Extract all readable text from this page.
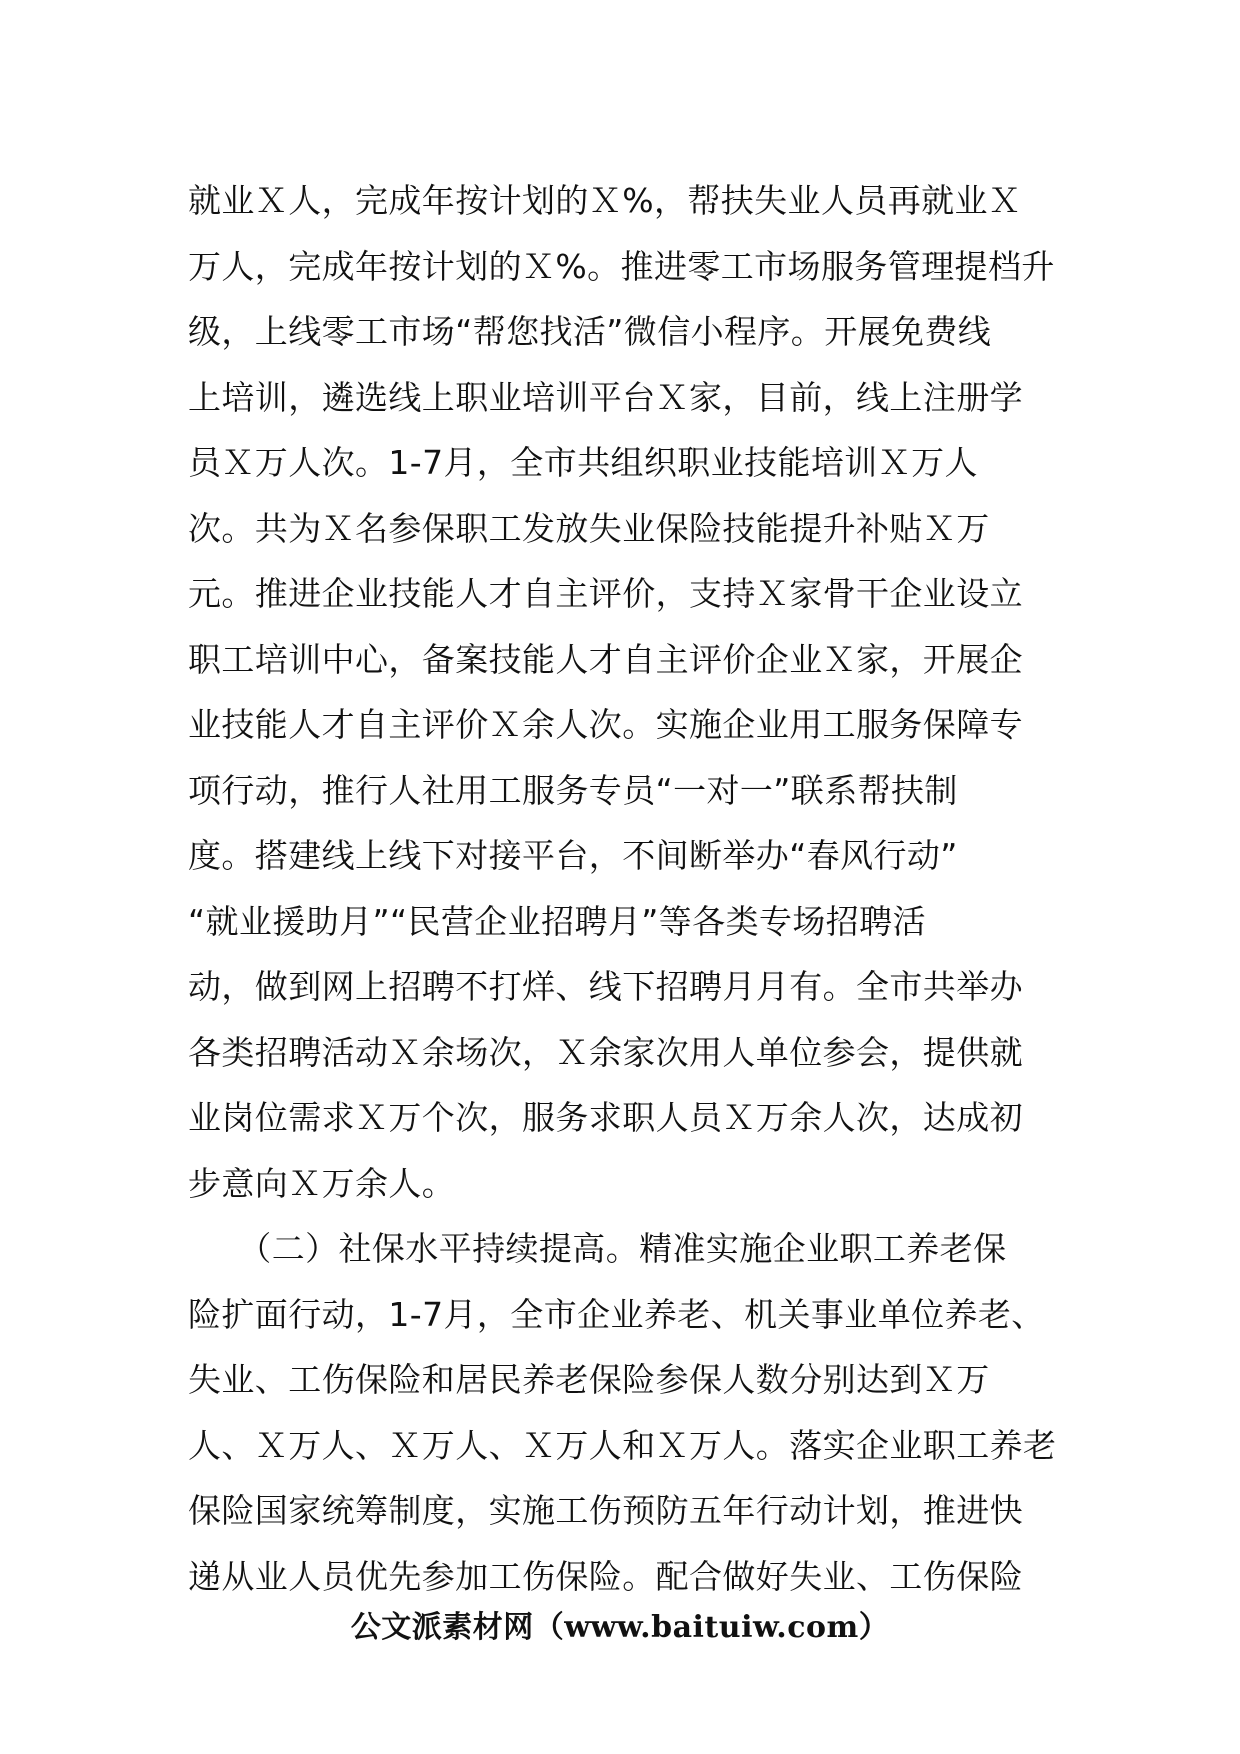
就业Ｘ人，完成年按计划的Ｘ%，帮扶失业人员再就业Ｘ
万人，完成年按计划的Ｘ%。推进零工市场服务管理提档升
级，上线零工市场“帮您找活”微信小程序。开展免费线
上培训，遴选线上职业培训平台Ｘ家，目前，线上注册学
员Ｘ万人次。1-7月，全市共组织职业技能培训Ｘ万人
次。共为Ｘ名参保职工发放失业保险技能提升补贴Ｘ万
元。推进企业技能人才自主评价，支持Ｘ家骨干企业设立
职工培训中心，备案技能人才自主评价企业Ｘ家，开展企
业技能人才自主评价Ｘ余人次。实施企业用工服务保障专
项行动，推行人社用工服务专员“一对一”联系帮扶制
度。搭建线上线下对接平台，不间断举办“春风行动”
“就业援助月”“民营企业招聘月”等各类专场招聘活
动，做到网上招聘不打烊、线下招聘月月有。全市共举办
各类招聘活动Ｘ余场次，Ｘ余家次用人单位参会，提供就
业岗位需求Ｘ万个次，服务求职人员Ｘ万余人次，达成初
步意向Ｘ万余人。
　　（二）社保水平持续提高。精准实施企业职工养老保
险扩面行动，1-7月，全市企业养老、机关事业单位养老、
失业、工伤保险和居民养老保险参保人数分别达到Ｘ万
人、Ｘ万人、Ｘ万人、Ｘ万人和Ｘ万人。落实企业职工养老
保险国家统筹制度，实施工伤预防五年行动计划，推进快
递从业人员优先参加工伤保险。配合做好失业、工伤保险
公文派素材网（www.baituiw.com）
